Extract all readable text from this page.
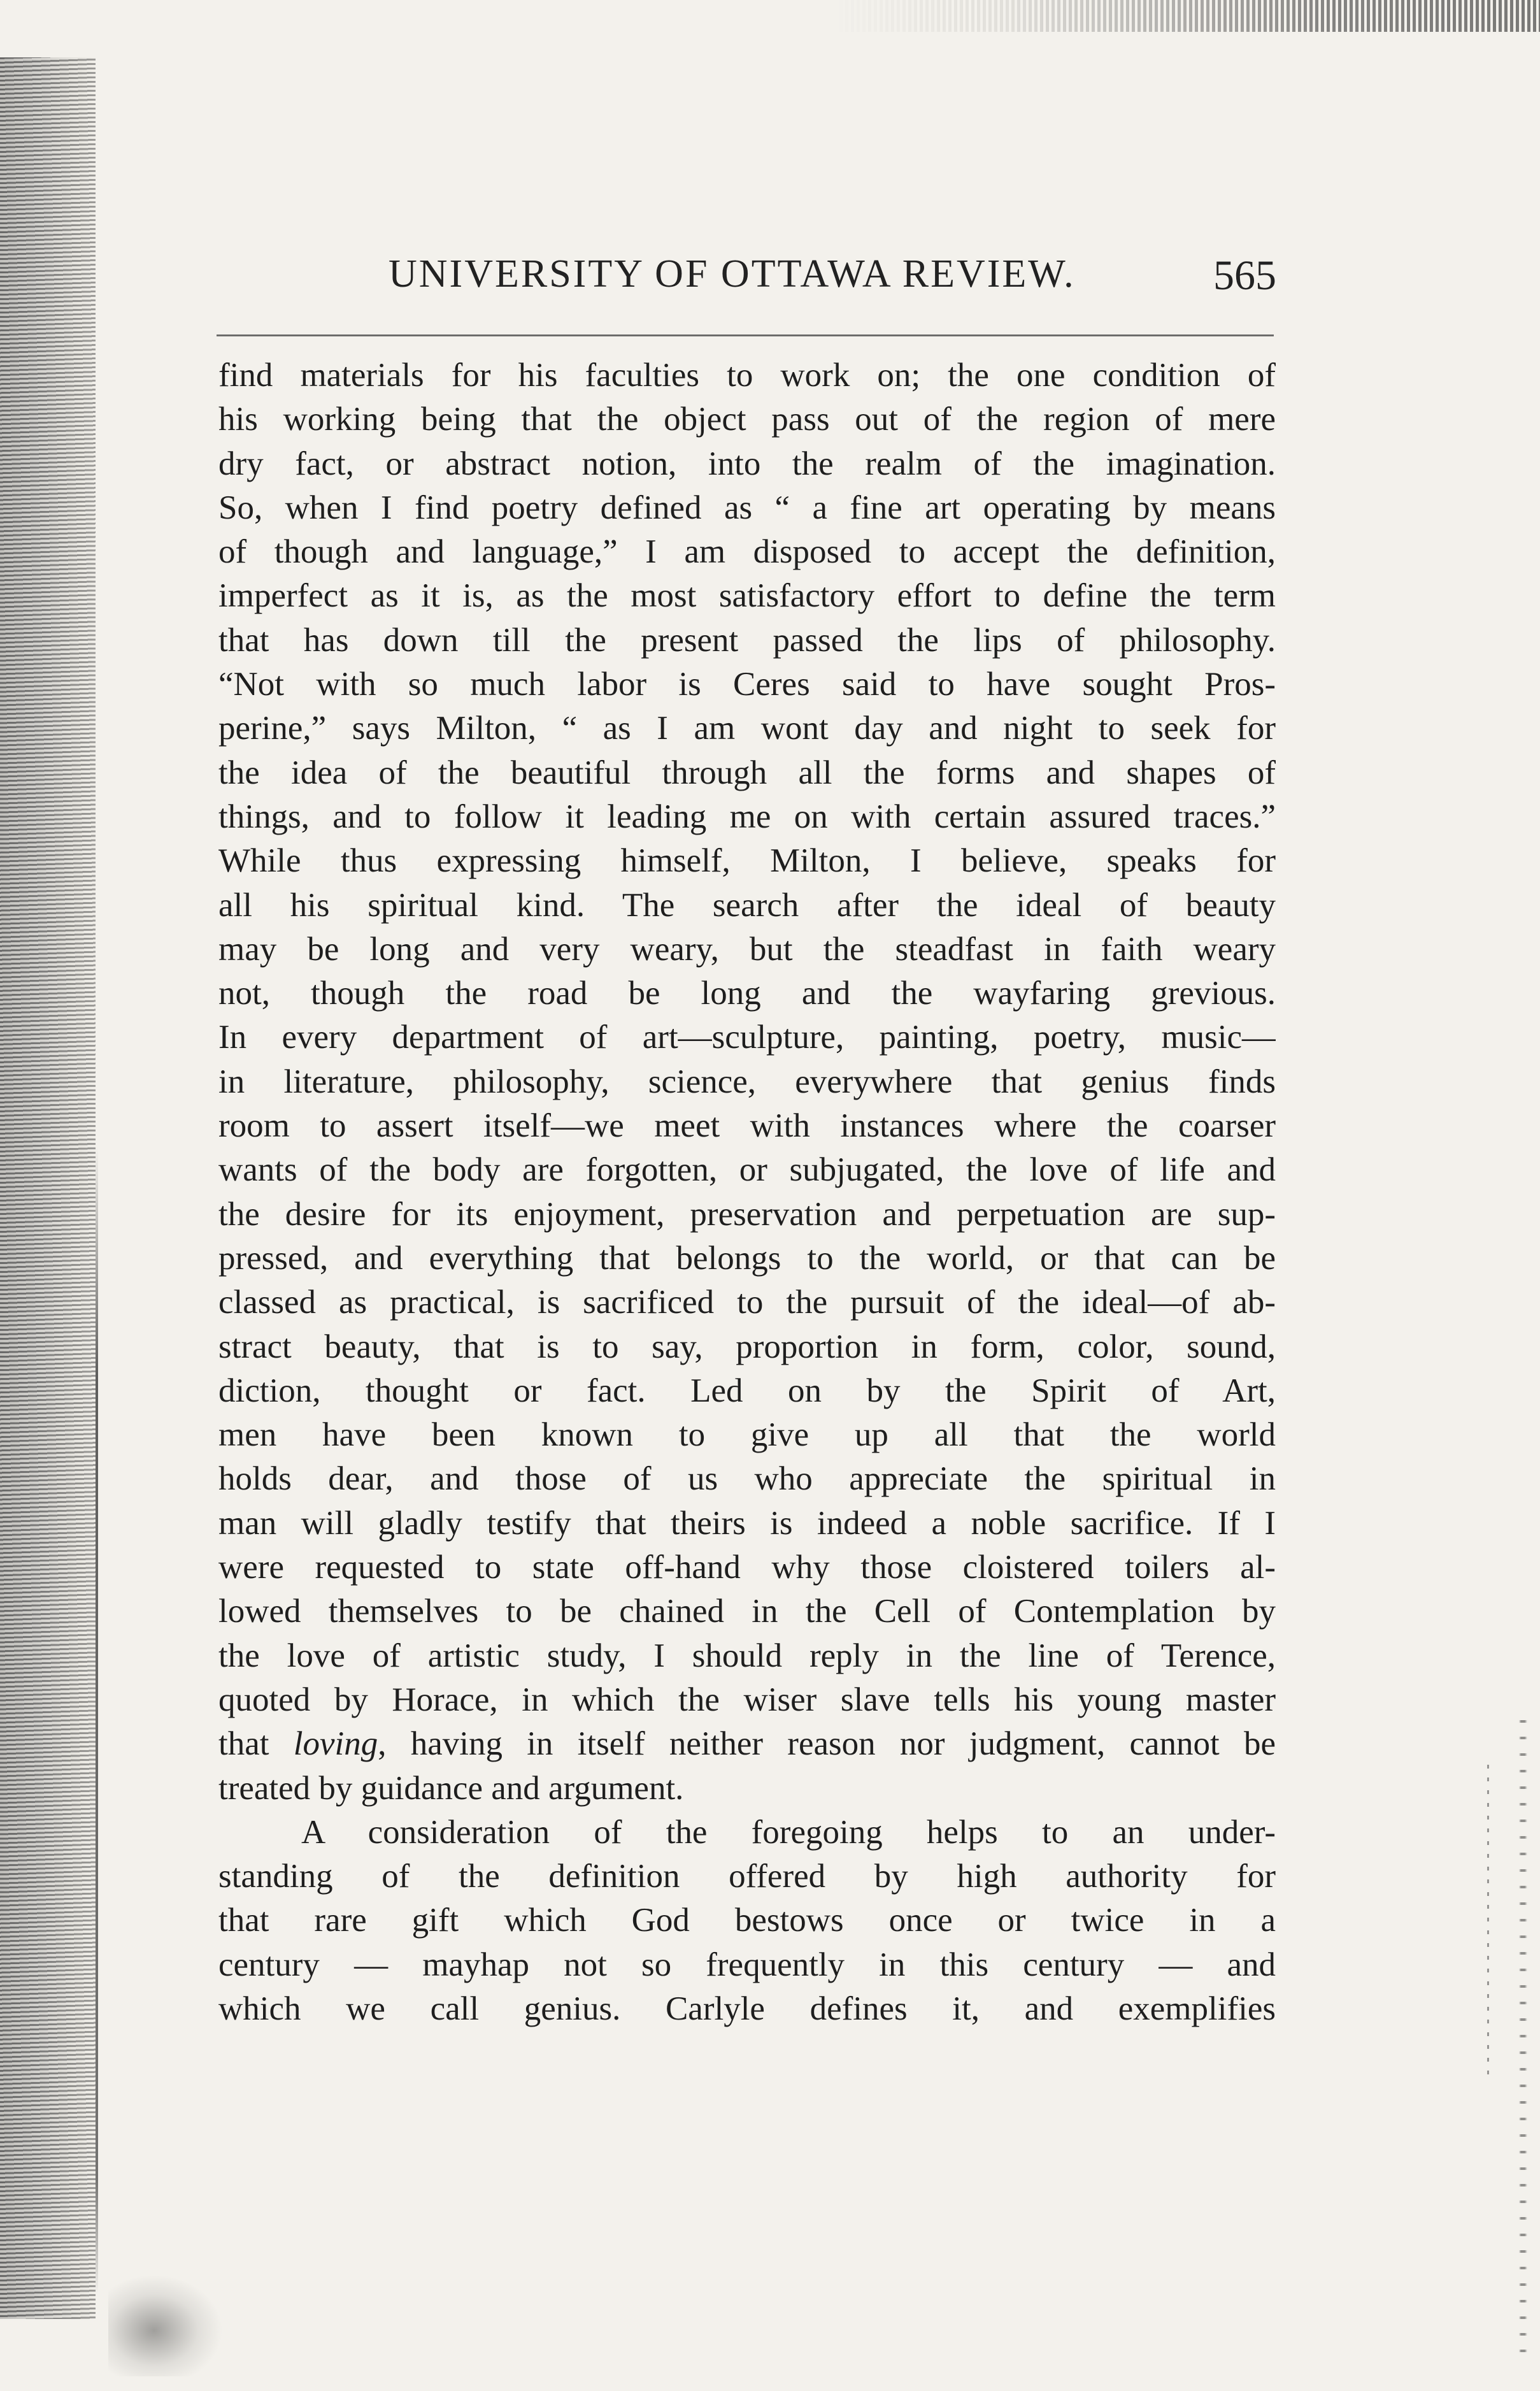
UNIVERSITY OF OTTAWA REVIEW.	565
find materials for his faculties to work on; the one condition of
his working being that the object pass out of the region of mere
dry fact, or abstract notion, into the realm of the imagination.
So, when I find poetry defined as “ a fine art operating by means
of though and language,” I am disposed to accept the definition,
imperfect as it is, as the most satisfactory effort to define the term
that has down till the present passed the lips of philosophy.
“Not with so much labor is Ceres said to have sought Pros-
perine,” says Milton, “ as I am wont day and night to seek for
the idea of the beautiful through all the forms and shapes of
things, and to follow it leading me on with certain assured traces.”
While thus expressing himself, Milton, I believe, speaks for
all his spiritual kind. The search after the ideal of beauty
may be long and very weary, but the steadfast in faith weary
not, though the road be long and the wayfaring grevious.
In every department of art—sculpture, painting, poetry, music—
in literature, philosophy, science, everywhere that genius finds
room to assert itself—we meet with instances where the coarser
wants of the body are forgotten, or subjugated, the love of life and
the desire for its enjoyment, preservation and perpetuation are sup-
pressed, and everything that belongs to the world, or that can be
classed as practical, is sacrificed to the pursuit of the ideal—of ab-
stract beauty, that is to say, proportion in form, color, sound,
diction, thought or fact. Led on by the Spirit of Art,
men have been known to give up all that the world
holds dear, and those of us who appreciate the spiritual in
man will gladly testify that theirs is indeed a noble sacrifice. If I
were requested to state off-hand why those cloistered toilers al-
lowed themselves to be chained in the Cell of Contemplation by
the love of artistic study, I should reply in the line of Terence,
quoted by Horace, in which the wiser slave tells his young master
that loving, having in itself neither reason nor judgment, cannot be
treated by guidance and argument.
A consideration of the foregoing helps to an under-
standing of the definition offered by high authority for
that rare gift which God bestows once or twice in a
century — mayhap not so frequently in this century — and
which we call genius. Carlyle defines it, and exemplifies
